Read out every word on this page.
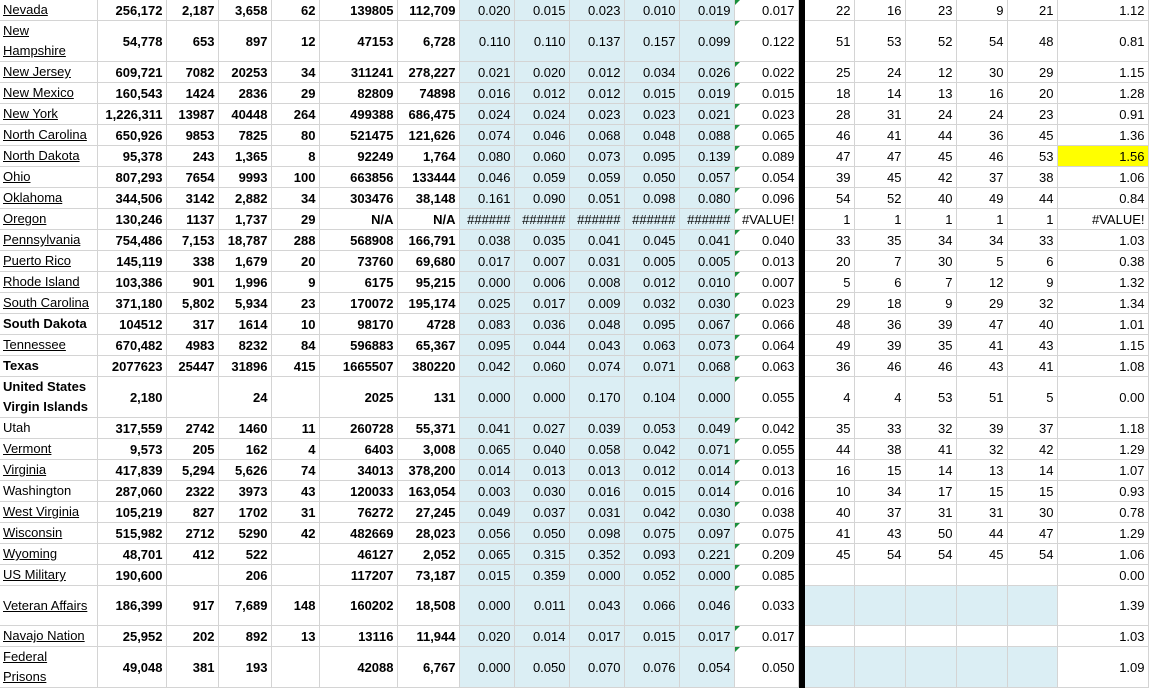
Nevada	256,172	2,187	3,658	62	139805	112,709	0.020	0.015	0.023	0.010	0.019	0.017		22	16	23	9	21	1.12
New Hampshire	54,778	653	897	12	47153	6,728	0.110	0.110	0.137	0.157	0.099	0.122		51	53	52	54	48	0.81
New Jersey	609,721	7082	20253	34	311241	278,227	0.021	0.020	0.012	0.034	0.026	0.022		25	24	12	30	29	1.15
New Mexico	160,543	1424	2836	29	82809	74898	0.016	0.012	0.012	0.015	0.019	0.015		18	14	13	16	20	1.28
New York	1,226,311	13987	40448	264	499388	686,475	0.024	0.024	0.023	0.023	0.021	0.023		28	31	24	24	23	0.91
North Carolina	650,926	9853	7825	80	521475	121,626	0.074	0.046	0.068	0.048	0.088	0.065		46	41	44	36	45	1.36
North Dakota	95,378	243	1,365	8	92249	1,764	0.080	0.060	0.073	0.095	0.139	0.089		47	47	45	46	53	1.56
Ohio	807,293	7654	9993	100	663856	133444	0.046	0.059	0.059	0.050	0.057	0.054		39	45	42	37	38	1.06
Oklahoma	344,506	3142	2,882	34	303476	38,148	0.161	0.090	0.051	0.098	0.080	0.096		54	52	40	49	44	0.84
Oregon	130,246	1137	1,737	29	N/A	N/A	######	######	######	######	######	#VALUE!		1	1	1	1	1	#VALUE!
Pennsylvania	754,486	7,153	18,787	288	568908	166,791	0.038	0.035	0.041	0.045	0.041	0.040		33	35	34	34	33	1.03
Puerto Rico	145,119	338	1,679	20	73760	69,680	0.017	0.007	0.031	0.005	0.005	0.013		20	7	30	5	6	0.38
Rhode Island	103,386	901	1,996	9	6175	95,215	0.000	0.006	0.008	0.012	0.010	0.007		5	6	7	12	9	1.32
South Carolina	371,180	5,802	5,934	23	170072	195,174	0.025	0.017	0.009	0.032	0.030	0.023		29	18	9	29	32	1.34
South Dakota	104512	317	1614	10	98170	4728	0.083	0.036	0.048	0.095	0.067	0.066		48	36	39	47	40	1.01
Tennessee	670,482	4983	8232	84	596883	65,367	0.095	0.044	0.043	0.063	0.073	0.064		49	39	35	41	43	1.15
Texas	2077623	25447	31896	415	1665507	380220	0.042	0.060	0.074	0.071	0.068	0.063		36	46	46	43	41	1.08
United States Virgin Islands	2,180		24		2025	131	0.000	0.000	0.170	0.104	0.000	0.055		4	4	53	51	5	0.00
Utah	317,559	2742	1460	11	260728	55,371	0.041	0.027	0.039	0.053	0.049	0.042		35	33	32	39	37	1.18
Vermont	9,573	205	162	4	6403	3,008	0.065	0.040	0.058	0.042	0.071	0.055		44	38	41	32	42	1.29
Virginia	417,839	5,294	5,626	74	34013	378,200	0.014	0.013	0.013	0.012	0.014	0.013		16	15	14	13	14	1.07
Washington	287,060	2322	3973	43	120033	163,054	0.003	0.030	0.016	0.015	0.014	0.016		10	34	17	15	15	0.93
West Virginia	105,219	827	1702	31	76272	27,245	0.049	0.037	0.031	0.042	0.030	0.038		40	37	31	31	30	0.78
Wisconsin	515,982	2712	5290	42	482669	28,023	0.056	0.050	0.098	0.075	0.097	0.075		41	43	50	44	47	1.29
Wyoming	48,701	412	522		46127	2,052	0.065	0.315	0.352	0.093	0.221	0.209		45	54	54	45	54	1.06
US Military	190,600		206		117207	73,187	0.015	0.359	0.000	0.052	0.000	0.085							0.00
Veteran Affairs	186,399	917	7,689	148	160202	18,508	0.000	0.011	0.043	0.066	0.046	0.033							1.39
Navajo Nation	25,952	202	892	13	13116	11,944	0.020	0.014	0.017	0.015	0.017	0.017							1.03
Federal Prisons	49,048	381	193		42088	6,767	0.000	0.050	0.070	0.076	0.054	0.050							1.09
